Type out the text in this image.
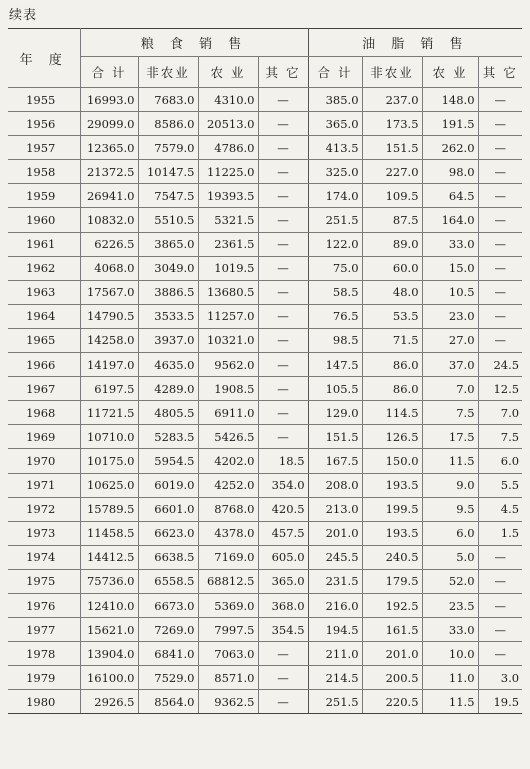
续表
年 度	粮 食 销 售				油 脂 销 售			
	合 计	非农业	农 业	其 它	合 计	非农业	农 业	其 它
1955	16993.0	7683.0	4310.0	—	385.0	237.0	148.0	—
1956	29099.0	8586.0	20513.0	—	365.0	173.5	191.5	—
1957	12365.0	7579.0	4786.0	—	413.5	151.5	262.0	—
1958	21372.5	10147.5	11225.0	—	325.0	227.0	98.0	—
1959	26941.0	7547.5	19393.5	—	174.0	109.5	64.5	—
1960	10832.0	5510.5	5321.5	—	251.5	87.5	164.0	—
1961	6226.5	3865.0	2361.5	—	122.0	89.0	33.0	—
1962	4068.0	3049.0	1019.5	—	75.0	60.0	15.0	—
1963	17567.0	3886.5	13680.5	—	58.5	48.0	10.5	—
1964	14790.5	3533.5	11257.0	—	76.5	53.5	23.0	—
1965	14258.0	3937.0	10321.0	—	98.5	71.5	27.0	—
1966	14197.0	4635.0	9562.0	—	147.5	86.0	37.0	24.5
1967	6197.5	4289.0	1908.5	—	105.5	86.0	7.0	12.5
1968	11721.5	4805.5	6911.0	—	129.0	114.5	7.5	7.0
1969	10710.0	5283.5	5426.5	—	151.5	126.5	17.5	7.5
1970	10175.0	5954.5	4202.0	18.5	167.5	150.0	11.5	6.0
1971	10625.0	6019.0	4252.0	354.0	208.0	193.5	9.0	5.5
1972	15789.5	6601.0	8768.0	420.5	213.0	199.5	9.5	4.5
1973	11458.5	6623.0	4378.0	457.5	201.0	193.5	6.0	1.5
1974	14412.5	6638.5	7169.0	605.0	245.5	240.5	5.0	—
1975	75736.0	6558.5	68812.5	365.0	231.5	179.5	52.0	—
1976	12410.0	6673.0	5369.0	368.0	216.0	192.5	23.5	—
1977	15621.0	7269.0	7997.5	354.5	194.5	161.5	33.0	—
1978	13904.0	6841.0	7063.0	—	211.0	201.0	10.0	—
1979	16100.0	7529.0	8571.0	—	214.5	200.5	11.0	3.0
1980	2926.5	8564.0	9362.5	—	251.5	220.5	11.5	19.5
